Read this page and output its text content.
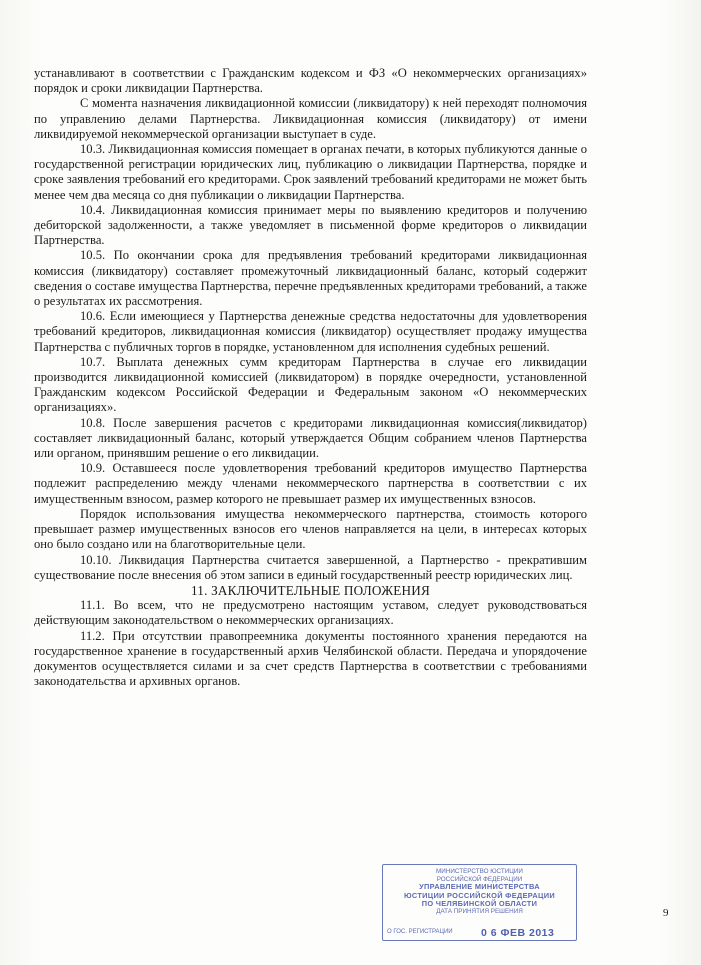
устанавливают в соответствии с Гражданским кодексом и ФЗ «О некоммерческих организациях» порядок и сроки ликвидации Партнерства.

С момента назначения ликвидационной комиссии (ликвидатору) к ней переходят полномочия по управлению делами Партнерства. Ликвидационная комиссия (ликвидатору) от имени ликвидируемой некоммерческой организации выступает в суде.

10.3. Ликвидационная комиссия помещает в органах печати, в которых публикуются данные о государственной регистрации юридических лиц, публикацию о ликвидации Партнерства, порядке и сроке заявления требований его кредиторами. Срок заявлений требований кредиторами не может быть менее чем два месяца со дня публикации о ликвидации Партнерства.

10.4. Ликвидационная комиссия принимает меры по выявлению кредиторов и получению дебиторской задолженности, а также уведомляет в письменной форме кредиторов о ликвидации Партнерства.

10.5. По окончании срока для предъявления требований кредиторами ликвидационная комиссия (ликвидатору) составляет промежуточный ликвидационный баланс, который содержит сведения о составе имущества Партнерства, перечне предъявленных кредиторами требований, а также о результатах их рассмотрения.

10.6. Если имеющиеся у Партнерства денежные средства недостаточны для удовлетворения требований кредиторов, ликвидационная комиссия (ликвидатор) осуществляет продажу имущества Партнерства с публичных торгов в порядке, установленном для исполнения судебных решений.

10.7. Выплата денежных сумм кредиторам Партнерства в случае его ликвидации производится ликвидационной комиссией (ликвидатором) в порядке очередности, установленной Гражданским кодексом Российской Федерации и Федеральным законом «О некоммерческих организациях».

10.8. После завершения расчетов с кредиторами ликвидационная комиссия(ликвидатор) составляет ликвидационный баланс, который утверждается Общим собранием членов Партнерства или органом, принявшим решение о его ликвидации.

10.9. Оставшееся после удовлетворения требований кредиторов имущество Партнерства подлежит распределению между членами некоммерческого партнерства в соответствии с их имущественным взносом, размер которого не превышает размер их имущественных взносов.

Порядок использования имущества некоммерческого партнерства, стоимость которого превышает размер имущественных взносов его членов направляется на цели, в интересах которых оно было создано или на благотворительные цели.

10.10. Ликвидация Партнерства считается завершенной, а Партнерство - прекратившим существование после внесения об этом записи в единый государственный реестр юридических лиц.

11. ЗАКЛЮЧИТЕЛЬНЫЕ ПОЛОЖЕНИЯ

11.1. Во всем, что не предусмотрено настоящим уставом, следует руководствоваться действующим законодательством о некоммерческих организациях.

11.2. При отсутствии правопреемника документы постоянного хранения передаются на государственное хранение в государственный архив Челябинской области. Передача и упорядочение документов осуществляется силами и за счет средств Партнерства в соответствии с требованиями законодательства и архивных органов.

МИНИСТЕРСТВО ЮСТИЦИИ
РОССИЙСКОЙ ФЕДЕРАЦИИ
УПРАВЛЕНИЕ МИНИСТЕРСТВА
ЮСТИЦИИ РОССИЙСКОЙ ФЕДЕРАЦИИ
ПО ЧЕЛЯБИНСКОЙ ОБЛАСТИ
ДАТА ПРИНЯТИЯ РЕШЕНИЯ
О ГОС. РЕГИСТРАЦИИ	0 6 ФЕВ 2013
9
